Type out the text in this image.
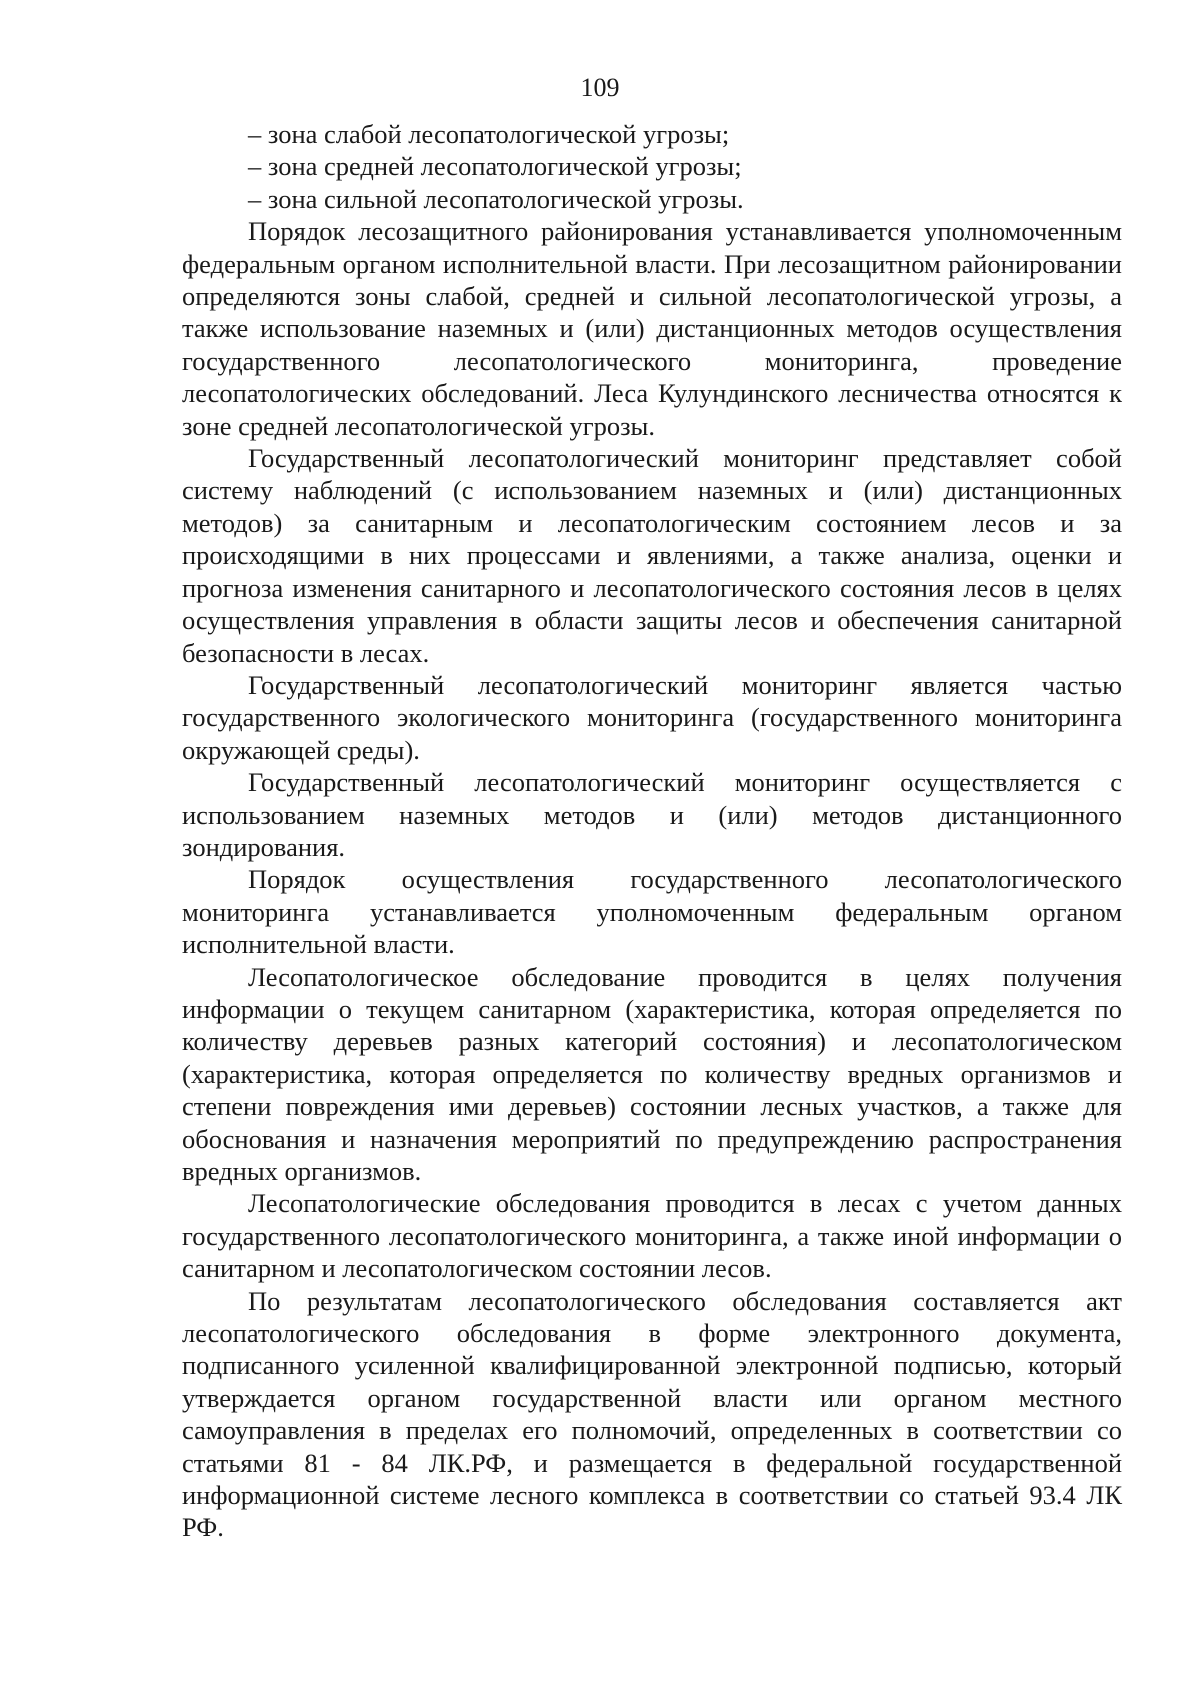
109

– зона слабой лесопатологической угрозы;

– зона средней лесопатологической угрозы;

– зона сильной лесопатологической угрозы.

Порядок лесозащитного районирования устанавливается уполномоченным федеральным органом исполнительной власти. При лесозащитном районировании определяются зоны слабой, средней и сильной лесопатологической угрозы, а также использование наземных и (или) дистанционных методов осуществления государственного лесопатологического мониторинга, проведение лесопатологических обследований. Леса Кулундинского лесничества относятся к зоне средней лесопатологической угрозы.

Государственный лесопатологический мониторинг представляет собой систему наблюдений (с использованием наземных и (или) дистанционных методов) за санитарным и лесопатологическим состоянием лесов и за происходящими в них процессами и явлениями, а также анализа, оценки и прогноза изменения санитарного и лесопатологического состояния лесов в целях осуществления управления в области защиты лесов и обеспечения санитарной безопасности в лесах.

Государственный лесопатологический мониторинг является частью государственного экологического мониторинга (государственного мониторинга окружающей среды).

Государственный лесопатологический мониторинг осуществляется с использованием наземных методов и (или) методов дистанционного зондирования.

Порядок осуществления государственного лесопатологического мониторинга устанавливается уполномоченным федеральным органом исполнительной власти.

Лесопатологическое обследование проводится в целях получения информации о текущем санитарном (характеристика, которая определяется по количеству деревьев разных категорий состояния) и лесопатологическом (характеристика, которая определяется по количеству вредных организмов и степени повреждения ими деревьев) состоянии лесных участков, а также для обоснования и назначения мероприятий по предупреждению распространения вредных организмов.

Лесопатологические обследования проводится в лесах с учетом данных государственного лесопатологического мониторинга, а также иной информации о санитарном и лесопатологическом состоянии лесов.

По результатам лесопатологического обследования составляется акт лесопатологического обследования в форме электронного документа, подписанного усиленной квалифицированной электронной подписью, который утверждается органом государственной власти или органом местного самоуправления в пределах его полномочий, определенных в соответствии со статьями 81 - 84 ЛК.РФ, и размещается в федеральной государственной информационной системе лесного комплекса в соответствии со статьей 93.4 ЛК РФ.
